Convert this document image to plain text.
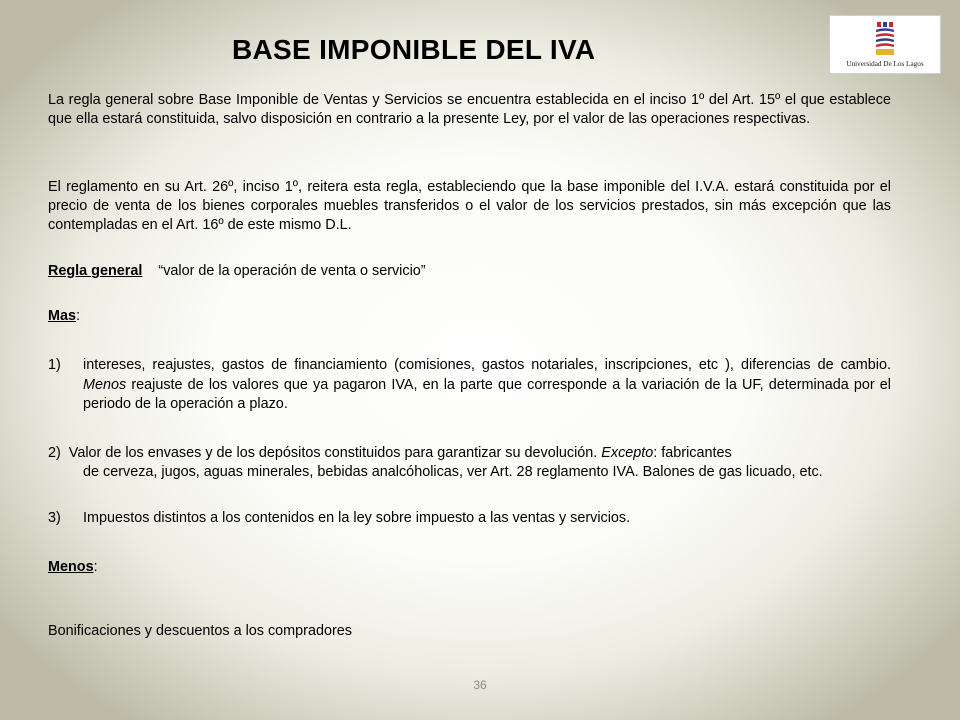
BASE IMPONIBLE DEL IVA	Universidad De Los Lagos

La regla general sobre Base Imponible de Ventas y Servicios se encuentra establecida en el inciso 1º del Art. 15º el que establece que ella estará constituida, salvo disposición en contrario a la presente Ley, por el valor de las operaciones respectivas.

El reglamento en su Art. 26º, inciso 1º, reitera esta regla, estableciendo que la base imponible del I.V.A. estará constituida por el precio de venta de los bienes corporales muebles transferidos o el valor de los servicios prestados, sin más excepción que las contempladas en el Art. 16º de este mismo D.L.

Regla general    “valor de la operación de venta o servicio”

Mas:

1) intereses, reajustes, gastos de financiamiento (comisiones, gastos notariales, inscripciones, etc ), diferencias de cambio. Menos reajuste de los valores que ya pagaron IVA, en la parte que corresponde a la variación de la UF, determinada por el periodo de la operación a plazo.
2) Valor de los envases y de los depósitos constituidos para garantizar su devolución. Excepto: fabricantes
de cerveza, jugos, aguas minerales, bebidas analcóholicas, ver Art. 28 reglamento IVA. Balones de gas licuado, etc.
3) Impuestos distintos a los contenidos en la ley sobre impuesto a las ventas y servicios.

Menos:

Bonificaciones y descuentos a los compradores

36
